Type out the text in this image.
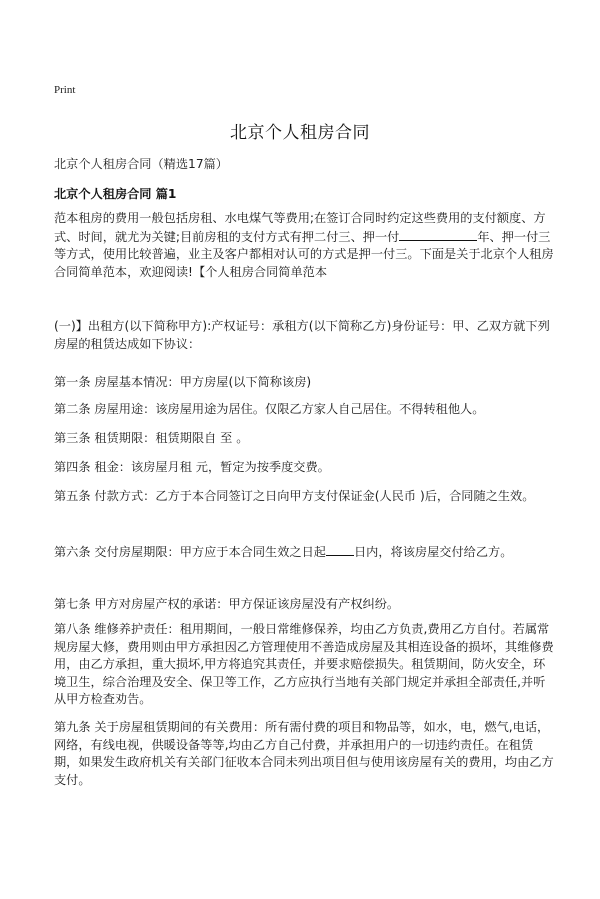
Print
北京个人租房合同
北京个人租房合同（精选17篇）
北京个人租房合同 篇1

范本租房的费用一般包括房租、水电煤气等费用;在签订合同时约定这些费用的支付额度、方式、时间，就尤为关键;目前房租的支付方式有押二付三、押一付	年、押一付三等方式，使用比较普遍，业主及客户都相对认可的方式是押一付三。下面是关于北京个人租房合同简单范本，欢迎阅读!【个人租房合同简单范本

(一)】出租方(以下简称甲方):产权证号：承租方(以下简称乙方)身份证号：甲、乙双方就下列房屋的租赁达成如下协议：

第一条 房屋基本情况：甲方房屋(以下简称该房)

第二条 房屋用途：该房屋用途为居住。仅限乙方家人自己居住。不得转租他人。

第三条 租赁期限：租赁期限自 至 。

第四条 租金：该房屋月租 元，暂定为按季度交费。

第五条 付款方式：乙方于本合同签订之日向甲方支付保证金(人民币 )后，合同随之生效。

第六条 交付房屋期限：甲方应于本合同生效之日起 日内，将该房屋交付给乙方。

第七条 甲方对房屋产权的承诺：甲方保证该房屋没有产权纠纷。

第八条 维修养护责任：租用期间，一般日常维修保养，均由乙方负责,费用乙方自付。若属常规房屋大修，费用则由甲方承担因乙方管理使用不善造成房屋及其相连设备的损坏，其维修费用，由乙方承担，重大损坏,甲方将追究其责任，并要求赔偿损失。租赁期间，防火安全，环境卫生，综合治理及安全、保卫等工作，乙方应执行当地有关部门规定并承担全部责任,并听从甲方检查劝告。

第九条 关于房屋租赁期间的有关费用：所有需付费的项目和物品等，如水，电，燃气,电话，网络，有线电视，供暖设备等等,均由乙方自己付费，并承担用户的一切违约责任。在租赁期，如果发生政府机关有关部门征收本合同未列出项目但与使用该房屋有关的费用，均由乙方支付。
